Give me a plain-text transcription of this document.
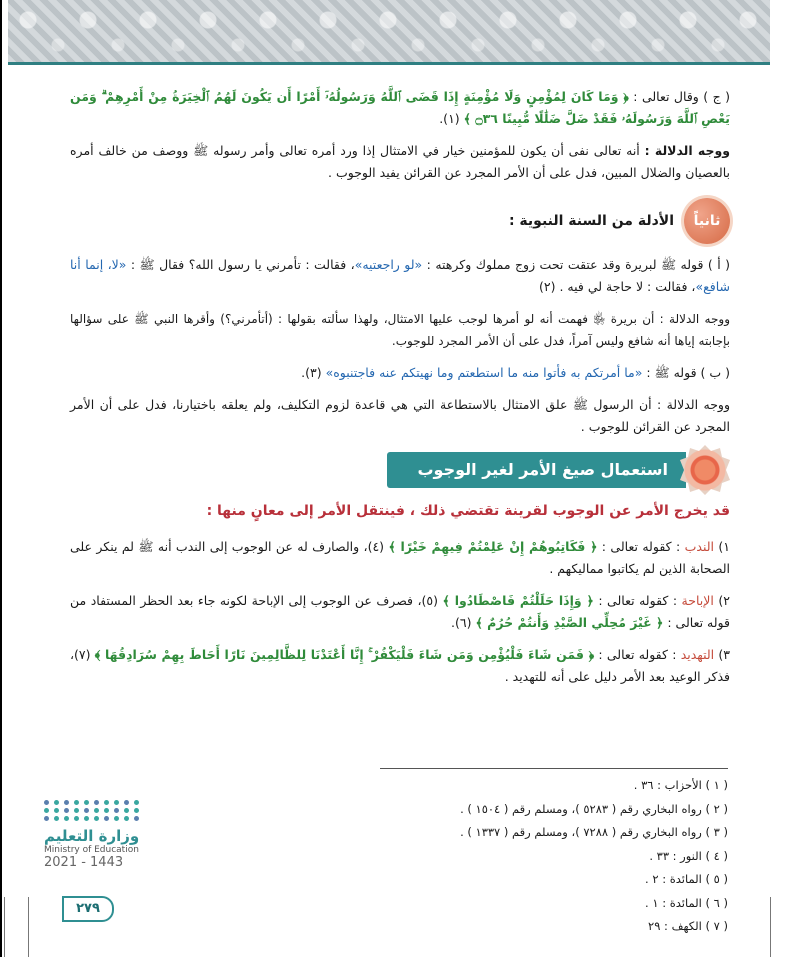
( ج ) وقال تعالى : ﴿ وَمَا كَانَ لِمُؤْمِنٍ وَلَا مُؤْمِنَةٍ إِذَا قَضَى ٱللَّهُ وَرَسُولُهُۥٓ أَمْرًا أَن يَكُونَ لَهُمُ ٱلْخِيَرَةُ مِنْ أَمْرِهِمْ ۗ وَمَن يَعْصِ ٱللَّهَ وَرَسُولَهُۥ فَقَدْ ضَلَّ ضَلَٰلًا مُّبِينًا ۝٣٦ ﴾ (١).

ووجه الدلالة : أنه تعالى نفى أن يكون للمؤمنين خيار في الامتثال إذا ورد أمره تعالى وأمر رسوله ﷺ ووصف من خالف أمره بالعصيان والضلال المبين، فدل على أن الأمر المجرد عن القرائن يفيد الوجوب .

ثانياً
الأدلة من السنة النبوية :

( أ ) قوله ﷺ لبريرة وقد عتقت تحت زوج مملوك وكرهته : «لو راجعتيه»، فقالت : تأمرني يا رسول الله؟ فقال ﷺ : «لا، إنما أنا شافع»، فقالت : لا حاجة لي فيه . (٢)

ووجه الدلالة : أن بريرة ﵂ فهمت أنه لو أمرها لوجب عليها الامتثال، ولهذا سألته بقولها : (أتأمرني؟) وأقرها النبي ﷺ على سؤالها بإجابته إياها أنه شافع وليس آمراً، فدل على أن الأمر المجرد للوجوب.

( ب ) قوله ﷺ : «ما أمرتكم به فأتوا منه ما استطعتم وما نهيتكم عنه فاجتنبوه» (٣).

ووجه الدلالة : أن الرسول ﷺ علق الامتثال بالاستطاعة التي هي قاعدة لزوم التكليف، ولم يعلقه باختيارنا، فدل على أن الأمر المجرد عن القرائن للوجوب .

استعمال صيغ الأمر لغير الوجوب
قد يخرج الأمر عن الوجوب لقرينة تقتضي ذلك ، فينتقل الأمر إلى معانٍ منها :

١) الندب : كقوله تعالى : ﴿ فَكَاتِبُوهُمْ إِنْ عَلِمْتُمْ فِيهِمْ خَيْرًا ﴾ (٤)، والصارف له عن الوجوب إلى الندب أنه ﷺ لم ينكر على الصحابة الذين لم يكاتبوا مماليكهم .

٢) الإباحة : كقوله تعالى : ﴿ وَإِذَا حَلَلْتُمْ فَاصْطَادُوا ﴾ (٥)، فصرف عن الوجوب إلى الإباحة لكونه جاء بعد الحظر المستفاد من قوله تعالى : ﴿ غَيْرَ مُحِلِّي الصَّيْدِ وَأَنتُمْ حُرُمٌ ﴾ (٦).

٣) التهديد : كقوله تعالى : ﴿ فَمَن شَاءَ فَلْيُؤْمِن وَمَن شَاءَ فَلْيَكْفُرْ ۚ إِنَّا أَعْتَدْنَا لِلظَّالِمِينَ نَارًا أَحَاطَ بِهِمْ سُرَادِقُهَا ﴾ (٧)، فذكر الوعيد بعد الأمر دليل على أنه للتهديد .

( ١ ) الأحزاب : ٣٦ .
( ٢ ) رواه البخاري رقم ( ٥٢٨٣ )، ومسلم رقم ( ١٥٠٤ ) .
( ٣ ) رواه البخاري رقم ( ٧٢٨٨ )، ومسلم رقم ( ١٣٣٧ ) .
( ٤ ) النور : ٣٣ .
( ٥ ) المائدة : ٢ .
( ٦ ) المائدة : ١ .
( ٧ ) الكهف : ٢٩
وزارة التعليم
Ministry of Education
2021 - 1443
٢٧٩
